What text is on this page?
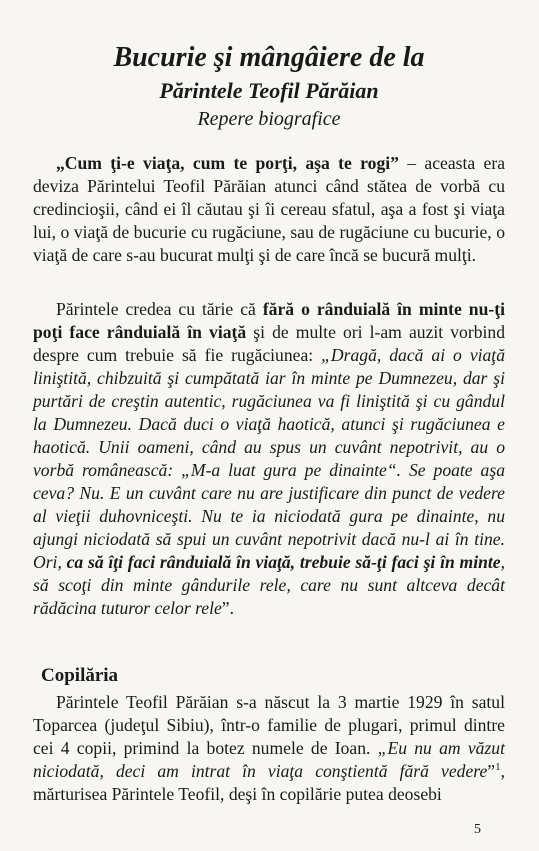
Bucurie şi mângâiere de la
Părintele Teofil Părăian
Repere biografice
„Cum ţi-e viaţa, cum te porţi, aşa te rogi” – aceasta era deviza Părintelui Teofil Părăian atunci când stătea de vorbă cu credincioşii, când ei îl căutau şi îi cereau sfatul, aşa a fost şi viaţa lui, o viaţă de bucurie cu rugăciune, sau de rugăciune cu bucurie, o viaţă de care s-au bucurat mulţi şi de care încă se bucură mulţi.
Părintele credea cu tărie că fără o rânduială în minte nu-ţi poţi face rânduială în viaţă şi de multe ori l-am auzit vorbind despre cum trebuie să fie rugăciunea: „Dragă, dacă ai o viaţă liniştită, chibzuită şi cumpătată iar în minte pe Dumnezeu, dar şi purtări de creştin autentic, rugăciunea va fi liniştită şi cu gândul la Dumnezeu. Dacă duci o viaţă haotică, atunci şi rugăciunea e haotică. Unii oameni, când au spus un cuvânt nepotrivit, au o vorbă românească: „M-a luat gura pe dinainte“. Se poate aşa ceva? Nu. E un cuvânt care nu are justificare din punct de vedere al vieţii duhovniceşti. Nu te ia niciodată gura pe dinainte, nu ajungi niciodată să spui un cuvânt nepotrivit dacă nu-l ai în tine. Ori, ca să îţi faci rânduială în viaţă, trebuie să-ţi faci şi în minte, să scoţi din minte gândurile rele, care nu sunt altceva decât rădăcina tuturor celor rele”.
Copilăria
Părintele Teofil Părăian s-a născut la 3 martie 1929 în satul Toparcea (judeţul Sibiu), într-o familie de plugari, primul dintre cei 4 copii, primind la botez numele de Ioan. „Eu nu am văzut niciodată, deci am intrat în viaţa conştientă fără vedere”$^1$, mărturisea Părintele Teofil, deşi în copilărie putea deosebi
5
